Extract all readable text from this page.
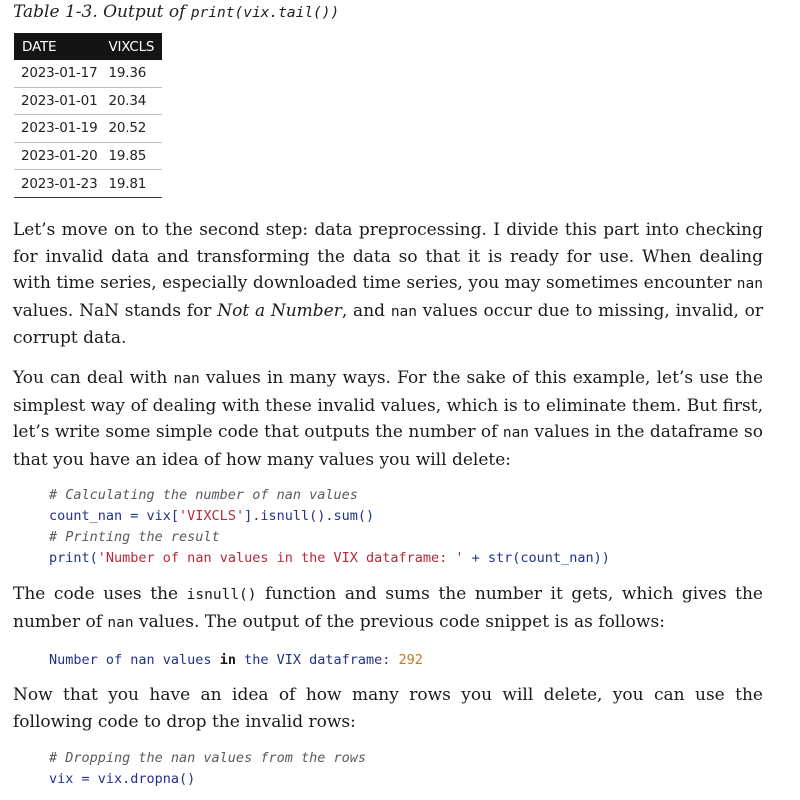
Table 1-3. Output of print(vix.tail())
DATE	VIXCLS
2023-01-17	19.36
2023-01-01	20.34
2023-01-19	20.52
2023-01-20	19.85
2023-01-23	19.81

Let’s move on to the second step: data preprocessing. I divide this part into checking for invalid data and transforming the data so that it is ready for use. When dealing with time series, especially downloaded time series, you may sometimes encounter nan values. NaN stands for Not a Number, and nan values occur due to missing, invalid, or corrupt data.

You can deal with nan values in many ways. For the sake of this example, let’s use the simplest way of dealing with these invalid values, which is to eliminate them. But first, let’s write some simple code that outputs the number of nan values in the dataframe so that you have an idea of how many values you will delete:

# Calculating the number of nan values
count_nan = vix['VIXCLS'].isnull().sum()
# Printing the result
print('Number of nan values in the VIX dataframe: ' + str(count_nan))

The code uses the isnull() function and sums the number it gets, which gives the number of nan values. The output of the previous code snippet is as follows:

Number of nan values in the VIX dataframe: 292

Now that you have an idea of how many rows you will delete, you can use the following code to drop the invalid rows:

# Dropping the nan values from the rows
vix = vix.dropna()
